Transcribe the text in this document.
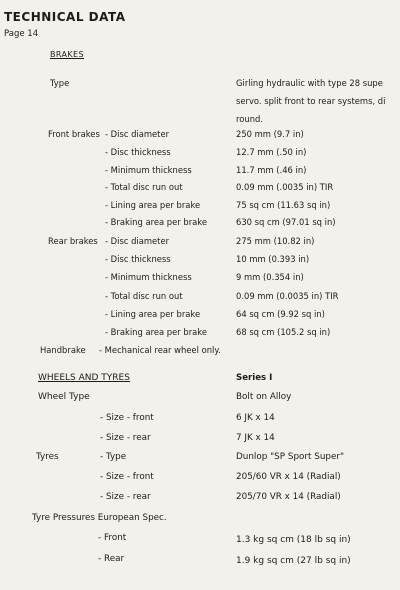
TECHNICAL DATA
Page 14
BRAKES
Type	Girling hydraulic with type 28 supe
servo. split front to rear systems, di
round.
Front brakes - Disc diameter	250 mm (9.7 in)
- Disc thickness	12.7 mm (.50 in)
- Minimum thickness	11.7 mm (.46 in)
- Total disc run out	0.09 mm (.0035 in) TIR
- Lining area per brake	75 sq cm (11.63 sq in)
- Braking area per brake	630 sq cm (97.01 sq in)
Rear brakes - Disc diameter	275 mm (10.82 in)
- Disc thickness	10 mm (0.393 in)
- Minimum thickness	9 mm (0.354 in)
- Total disc run out	0.09 mm (0.0035 in) TIR
- Lining area per brake	64 sq cm (9.92 sq in)
- Braking area per brake	68 sq cm (105.2 sq in)
Handbrake - Mechanical rear wheel only.
WHEELS AND TYRES	Series I
Wheel Type	Bolt on Alloy
- Size - front	6 JK x 14
- Size - rear	7 JK x 14
Tyres	- Type	Dunlop "SP Sport Super"
- Size - front	205/60 VR x 14 (Radial)
- Size - rear	205/70 VR x 14 (Radial)
Tyre Pressures European Spec.
- Front	1.3 kg sq cm (18 lb sq in)
- Rear	1.9 kg sq cm (27 lb sq in)
